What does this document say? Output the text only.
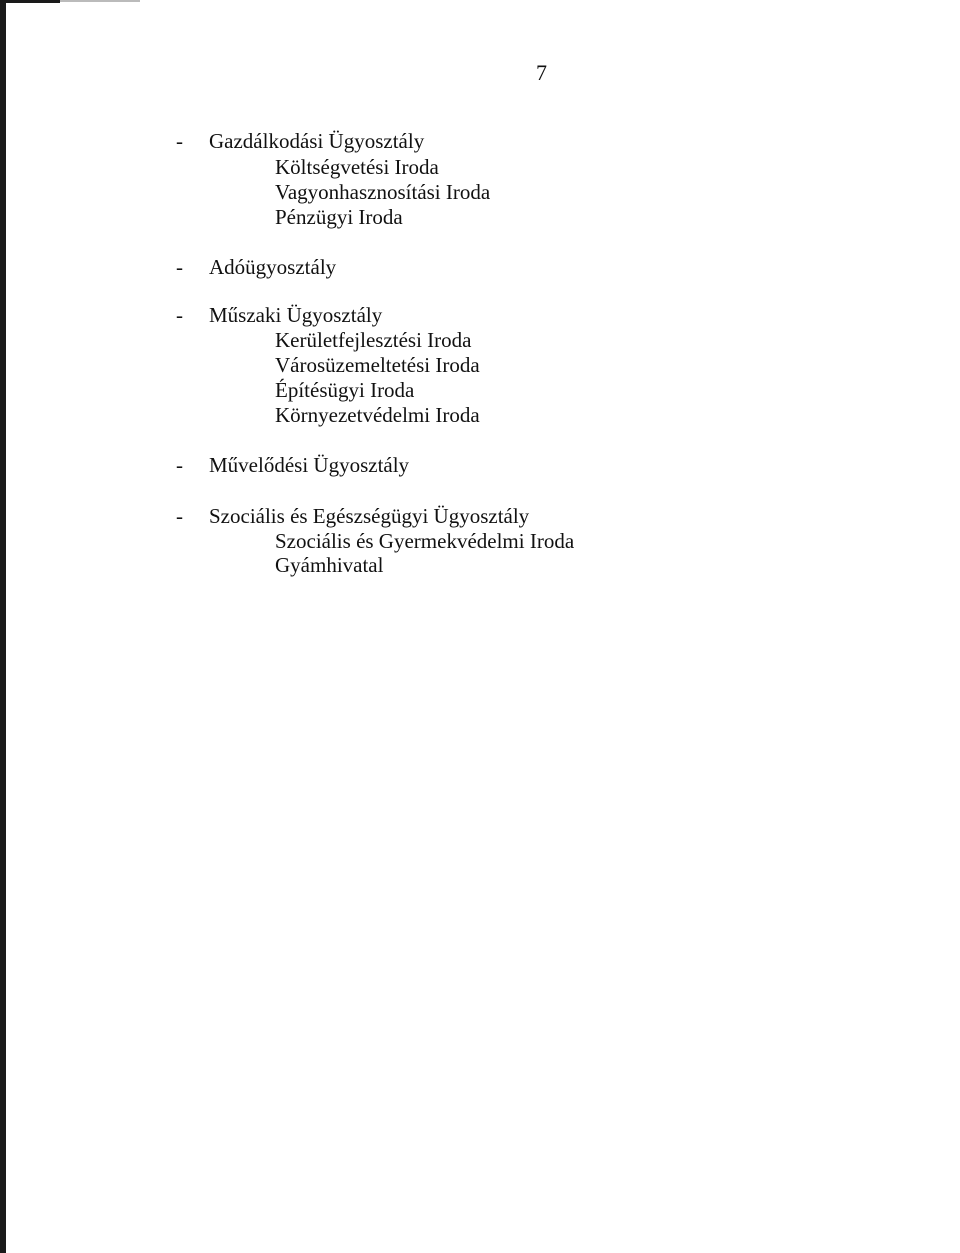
7
- Gazdálkodási Ügyosztály
Költségvetési Iroda
Vagyonhasznosítási Iroda
Pénzügyi Iroda
- Adóügyosztály
- Műszaki Ügyosztály
Kerületfejlesztési Iroda
Városüzemeltetési Iroda
Építésügyi Iroda
Környezetvédelmi Iroda
- Művelődési Ügyosztály
- Szociális és Egészségügyi Ügyosztály
Szociális és Gyermekvédelmi Iroda
Gyámhivatal
